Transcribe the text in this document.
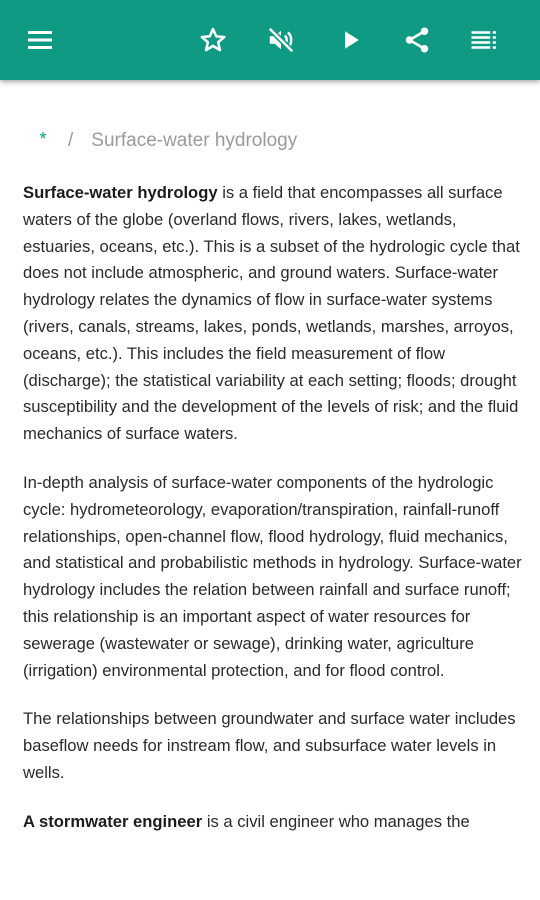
* / Surface-water hydrology

Surface-water hydrology is a field that encompasses all surface waters of the globe (overland flows, rivers, lakes, wetlands, estuaries, oceans, etc.). This is a subset of the hydrologic cycle that does not include atmospheric, and ground waters. Surface-water hydrology relates the dynamics of flow in surface-water systems (rivers, canals, streams, lakes, ponds, wetlands, marshes, arroyos, oceans, etc.). This includes the field measurement of flow (discharge); the statistical variability at each setting; floods; drought susceptibility and the development of the levels of risk; and the fluid mechanics of surface waters.

In-depth analysis of surface-water components of the hydrologic cycle: hydrometeorology, evaporation/transpiration, rainfall-runoff relationships, open-channel flow, flood hydrology, fluid mechanics, and statistical and probabilistic methods in hydrology. Surface-water hydrology includes the relation between rainfall and surface runoff; this relationship is an important aspect of water resources for sewerage (wastewater or sewage), drinking water, agriculture (irrigation) environmental protection, and for flood control.

The relationships between groundwater and surface water includes baseflow needs for instream flow, and subsurface water levels in wells.

A stormwater engineer is a civil engineer who manages the
